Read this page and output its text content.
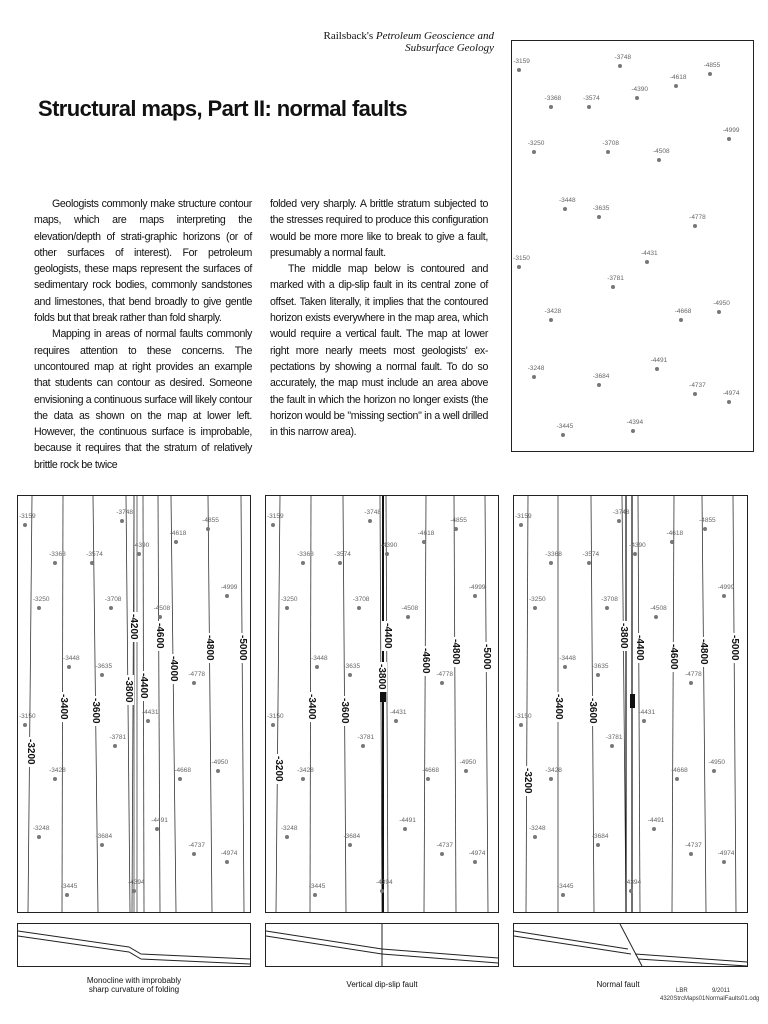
Railsback's Petroleum Geoscience and Subsurface Geology
Structural maps, Part II: normal faults

Geologists commonly make structure contour maps, which are maps interpreting the elevation/depth of strati-graphic horizons (or of other surfaces of interest). For petroleum geologists, these maps represent the surfaces of sedimentary rock bodies, commonly sandstones and limestones, that bend broadly to give gentle folds but that break rather than fold sharply.

Mapping in areas of normal faults commonly requires attention to these concerns. The uncontoured map at right provides an example that students can contour as desired. Someone envisioning a continuous surface will likely contour the data as shown on the map at lower left. However, the continuous surface is improbable, because it requires that the stratum of relatively brittle rock be twice

folded very sharply. A brittle stratum subjected to the stresses required to produce this configuration would be more more like to break to give a fault, presumably a normal fault.

The middle map below is contoured and marked with a dip-slip fault in its central zone of offset. Taken literally, it implies that the contoured horizon exists everywhere in the map area, which would require a vertical fault. The map at lower right more nearly meets most geologists' ex-pectations by showing a normal fault. To do so accurately, the map must include an area above the fault in which the horizon no longer exists (the horizon would be "missing section" in a well drilled in this narrow area).

-3159
-3748
-4855
-4618
-4390
-3368	-3574
-4999
-3250	-3708
-4508
-3448
-3635
-4778
-4431
-3150
-3781
-4950
-3428	-4668
-4491
-3248
-3684
-4737
-4974
-3445
-4394
-3159
-3748
-4855
-4618
-4390
-3368	-3574
-4999
-3250	-3708
-4508
-3448
-3635
-4778
-4431
-3150
-3781
-4950
-3428	-4668
-4491
-3248
-3684
-4737
-4974
-3445
-4394
-3200
-3400 -3600
-3800
-4000
-4200
-4400
-4600	-4800 -5000
-3159
-3748
-4855
-4618
-4390
-3368	-3574
-4999
-3250	-3708
-4508
-3448
-3635
-4778
-4431
-3150
-3781
-4950
-3428	-4668
-4491
-3248
-3684
-4737
-4974
-3445
-4394
-3200
-3400 -3600
-3800
-4400
-4600 -4800 -5000
-3159
-3748
-4855
-4618
-4390
-3368	-3574
-4999
-3250	-3708
-4508
-3448
-3635
-4778
-4431
-3150
-3781
-4950
-3428	-4668
-4491
-3248
-3684
-4737
-4974
-3445
-4394
-3200
-3400 -3600
-3800 -4400 -4600 -4800 -5000
Monocline with improbably sharp curvature of folding
Vertical dip-slip fault	Normal fault
LBR	9/2011
4320StrcMaps01NormalFaults01.odg
